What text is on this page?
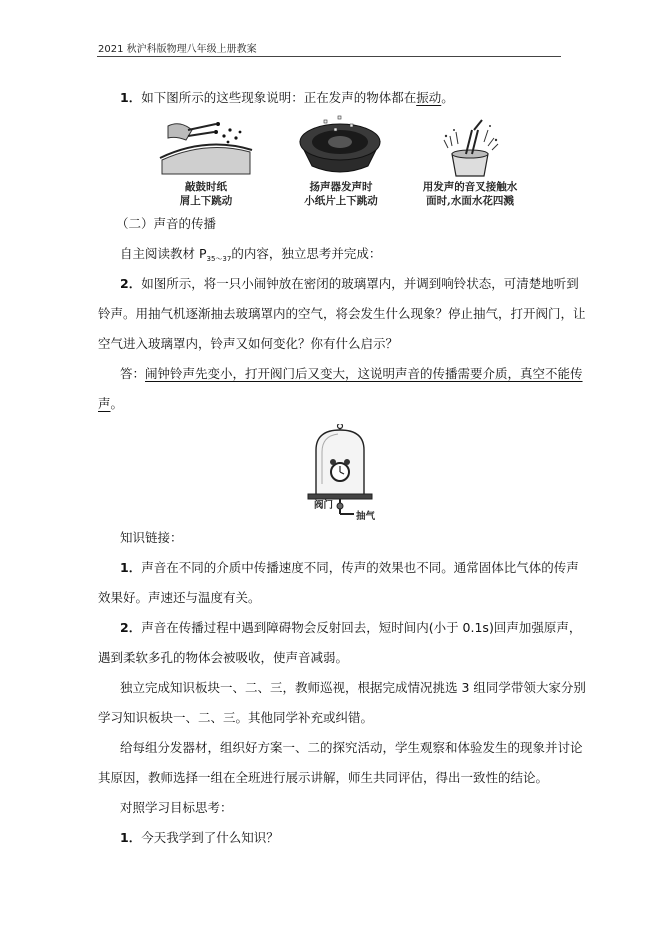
2021 秋沪科版物理八年级上册教案
1．如下图所示的这些现象说明：正在发声的物体都在振动。
敲鼓时纸
屑上下跳动
扬声器发声时
小纸片上下跳动
用发声的音叉接触水
面时,水面水花四溅
（二）声音的传播
自主阅读教材 $P_{35\sim 37}$的内容，独立思考并完成：
2．如图所示，将一只小闹钟放在密闭的玻璃罩内，并调到响铃状态，可清楚地听到
铃声。用抽气机逐渐抽去玻璃罩内的空气，将会发生什么现象？停止抽气，打开阀门，让
空气进入玻璃罩内，铃声又如何变化？你有什么启示？
答：闹钟铃声先变小，打开阀门后又变大，这说明声音的传播需要介质，真空不能传
声。
阀门
抽气
知识链接：
1．声音在不同的介质中传播速度不同，传声的效果也不同。通常固体比气体的传声
效果好。声速还与温度有关。
2．声音在传播过程中遇到障碍物会反射回去，短时间内(小于 0.1s)回声加强原声，
遇到柔软多孔的物体会被吸收，使声音减弱。
独立完成知识板块一、二、三，教师巡视，根据完成情况挑选 3 组同学带领大家分别
学习知识板块一、二、三。其他同学补充或纠错。
给每组分发器材，组织好方案一、二的探究活动，学生观察和体验发生的现象并讨论
其原因，教师选择一组在全班进行展示讲解，师生共同评估，得出一致性的结论。
对照学习目标思考：
1．今天我学到了什么知识？
